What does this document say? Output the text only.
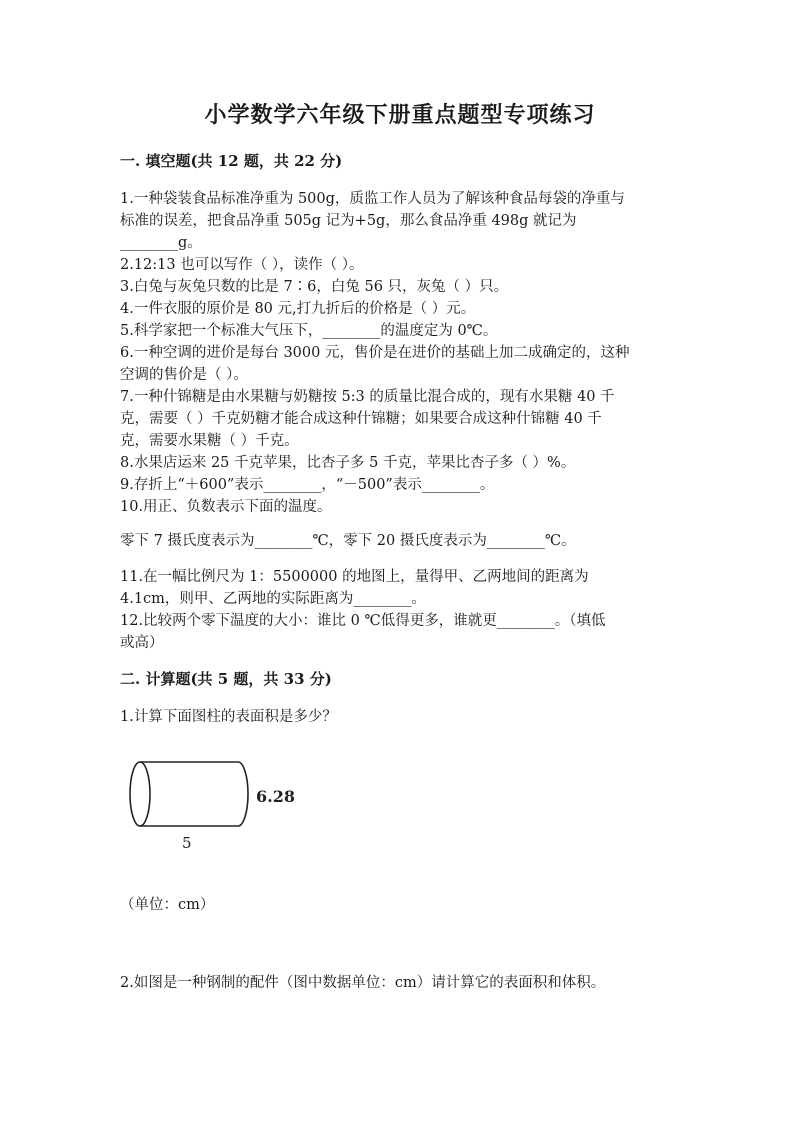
小学数学六年级下册重点题型专项练习
一. 填空题(共 12 题，共 22 分)
1.一种袋装食品标准净重为 500g，质监工作人员为了解该种食品每袋的净重与
标准的误差，把食品净重 505g 记为+5g，那么食品净重 498g 就记为
________g。
2.12:13 也可以写作（ ），读作（ ）。
3.白兔与灰兔只数的比是 7∶6，白兔 56 只，灰兔（ ）只。
4.一件衣服的原价是 80 元,打九折后的价格是（ ）元。
5.科学家把一个标准大气压下，________的温度定为 0℃。
6.一种空调的进价是每台 3000 元，售价是在进价的基础上加二成确定的，这种
空调的售价是（ ）。
7.一种什锦糖是由水果糖与奶糖按 5:3 的质量比混合成的，现有水果糖 40 千
克，需要（ ）千克奶糖才能合成这种什锦糖；如果要合成这种什锦糖 40 千
克，需要水果糖（ ）千克。
8.水果店运来 25 千克苹果，比杏子多 5 千克，苹果比杏子多（ ）%。
9.存折上“＋600”表示________，“－500”表示________。
10.用正、负数表示下面的温度。
零下 7 摄氏度表示为________℃，零下 20 摄氏度表示为________℃。
11.在一幅比例尺为 1：5500000 的地图上，量得甲、乙两地间的距离为
4.1cm，则甲、乙两地的实际距离为________。
12.比较两个零下温度的大小：谁比 0 ℃低得更多，谁就更________。（填低
或高）
二. 计算题(共 5 题，共 33 分)
1.计算下面图柱的表面积是多少？
6.28
5
（单位：cm）
2.如图是一种钢制的配件（图中数据单位：cm）请计算它的表面积和体积。
